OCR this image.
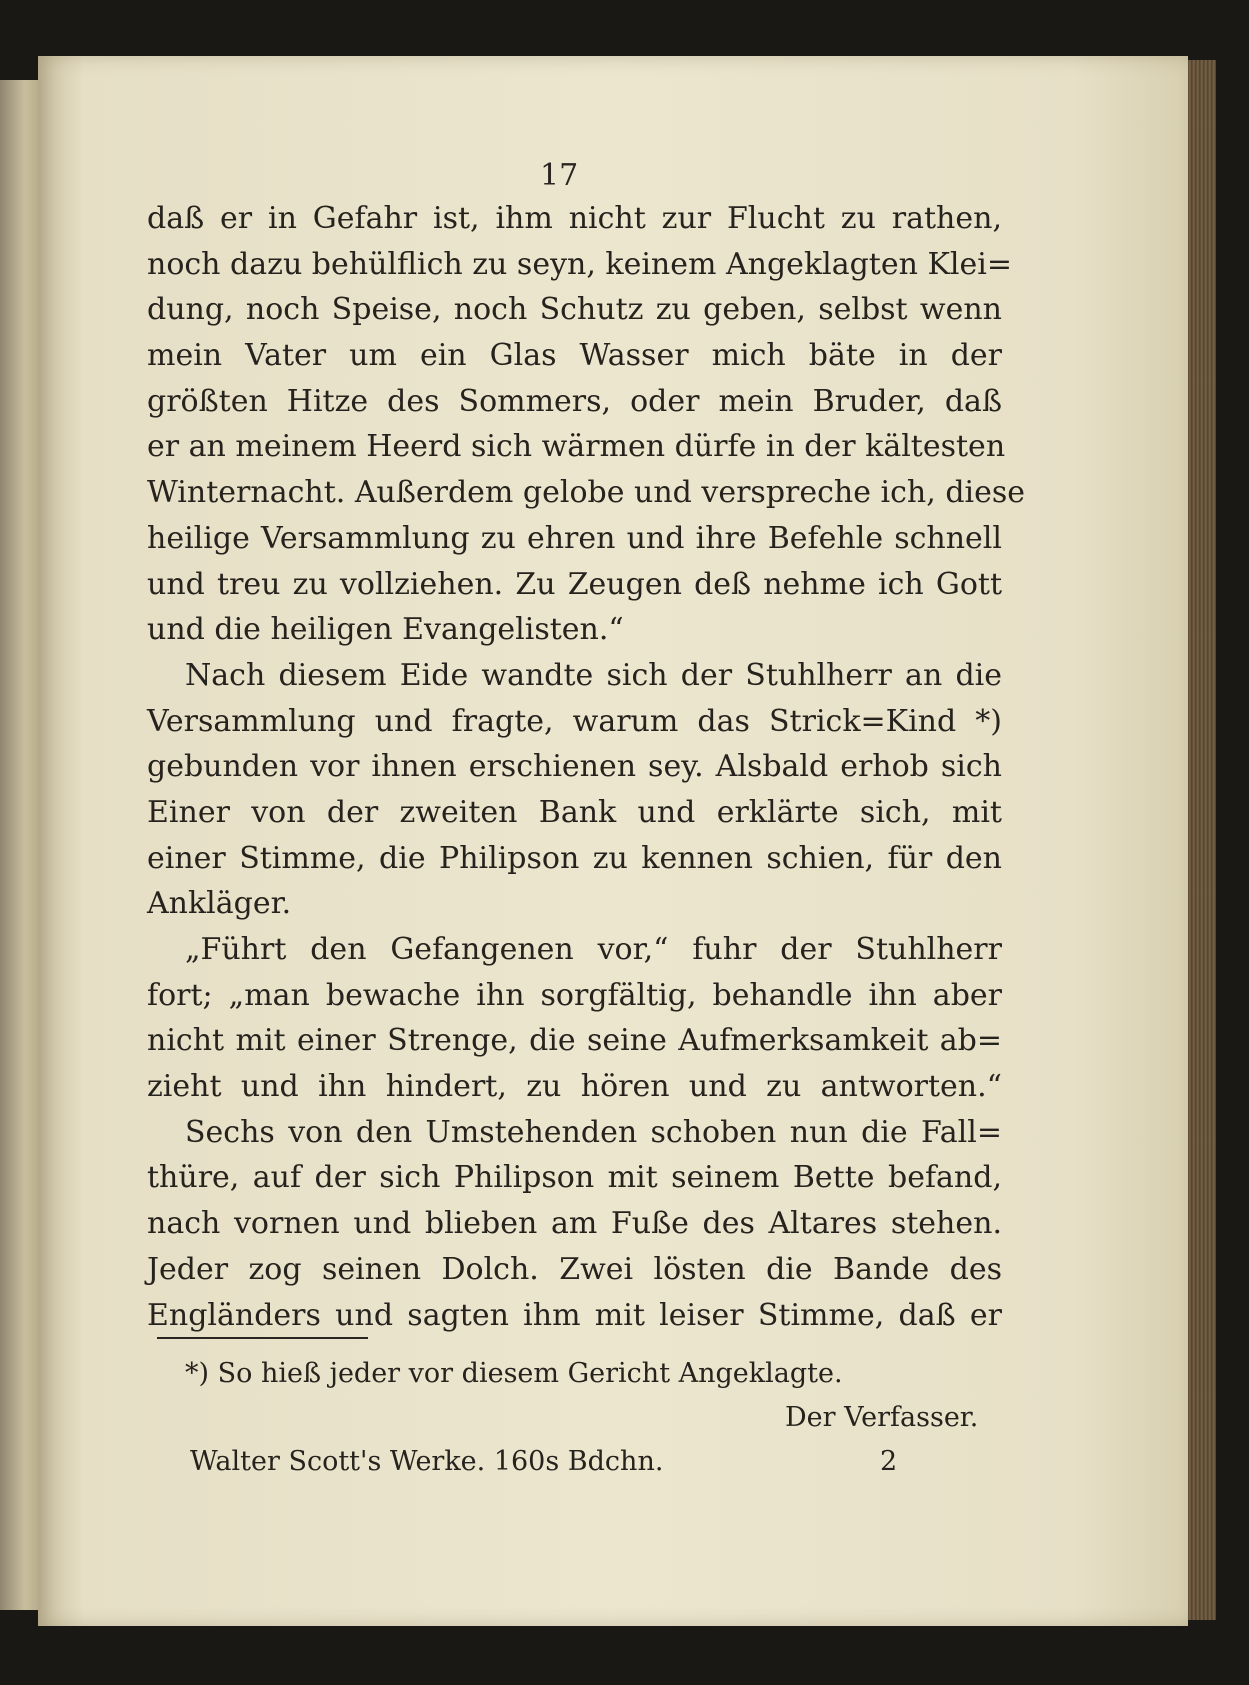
17
daß er in Gefahr ist, ihm nicht zur Flucht zu rathen,
noch dazu behülflich zu seyn, keinem Angeklagten Klei=
dung, noch Speise, noch Schutz zu geben, selbst wenn
mein Vater um ein Glas Wasser mich bäte in der
größten Hitze des Sommers, oder mein Bruder, daß
er an meinem Heerd sich wärmen dürfe in der kältesten
Winternacht. Außerdem gelobe und verspreche ich, diese
heilige Versammlung zu ehren und ihre Befehle schnell
und treu zu vollziehen. Zu Zeugen deß nehme ich Gott
und die heiligen Evangelisten.“
Nach diesem Eide wandte sich der Stuhlherr an die
Versammlung und fragte, warum das Strick=Kind *)
gebunden vor ihnen erschienen sey. Alsbald erhob sich
Einer von der zweiten Bank und erklärte sich, mit
einer Stimme, die Philipson zu kennen schien, für den
Ankläger.
„Führt den Gefangenen vor,“ fuhr der Stuhlherr
fort; „man bewache ihn sorgfältig, behandle ihn aber
nicht mit einer Strenge, die seine Aufmerksamkeit ab=
zieht und ihn hindert, zu hören und zu antworten.“
Sechs von den Umstehenden schoben nun die Fall=
thüre, auf der sich Philipson mit seinem Bette befand,
nach vornen und blieben am Fuße des Altares stehen.
Jeder zog seinen Dolch. Zwei lösten die Bande des
Engländers und sagten ihm mit leiser Stimme, daß er
*) So hieß jeder vor diesem Gericht Angeklagte.
Der Verfasser.
Walter Scott's Werke. 160s Bdchn.	2
